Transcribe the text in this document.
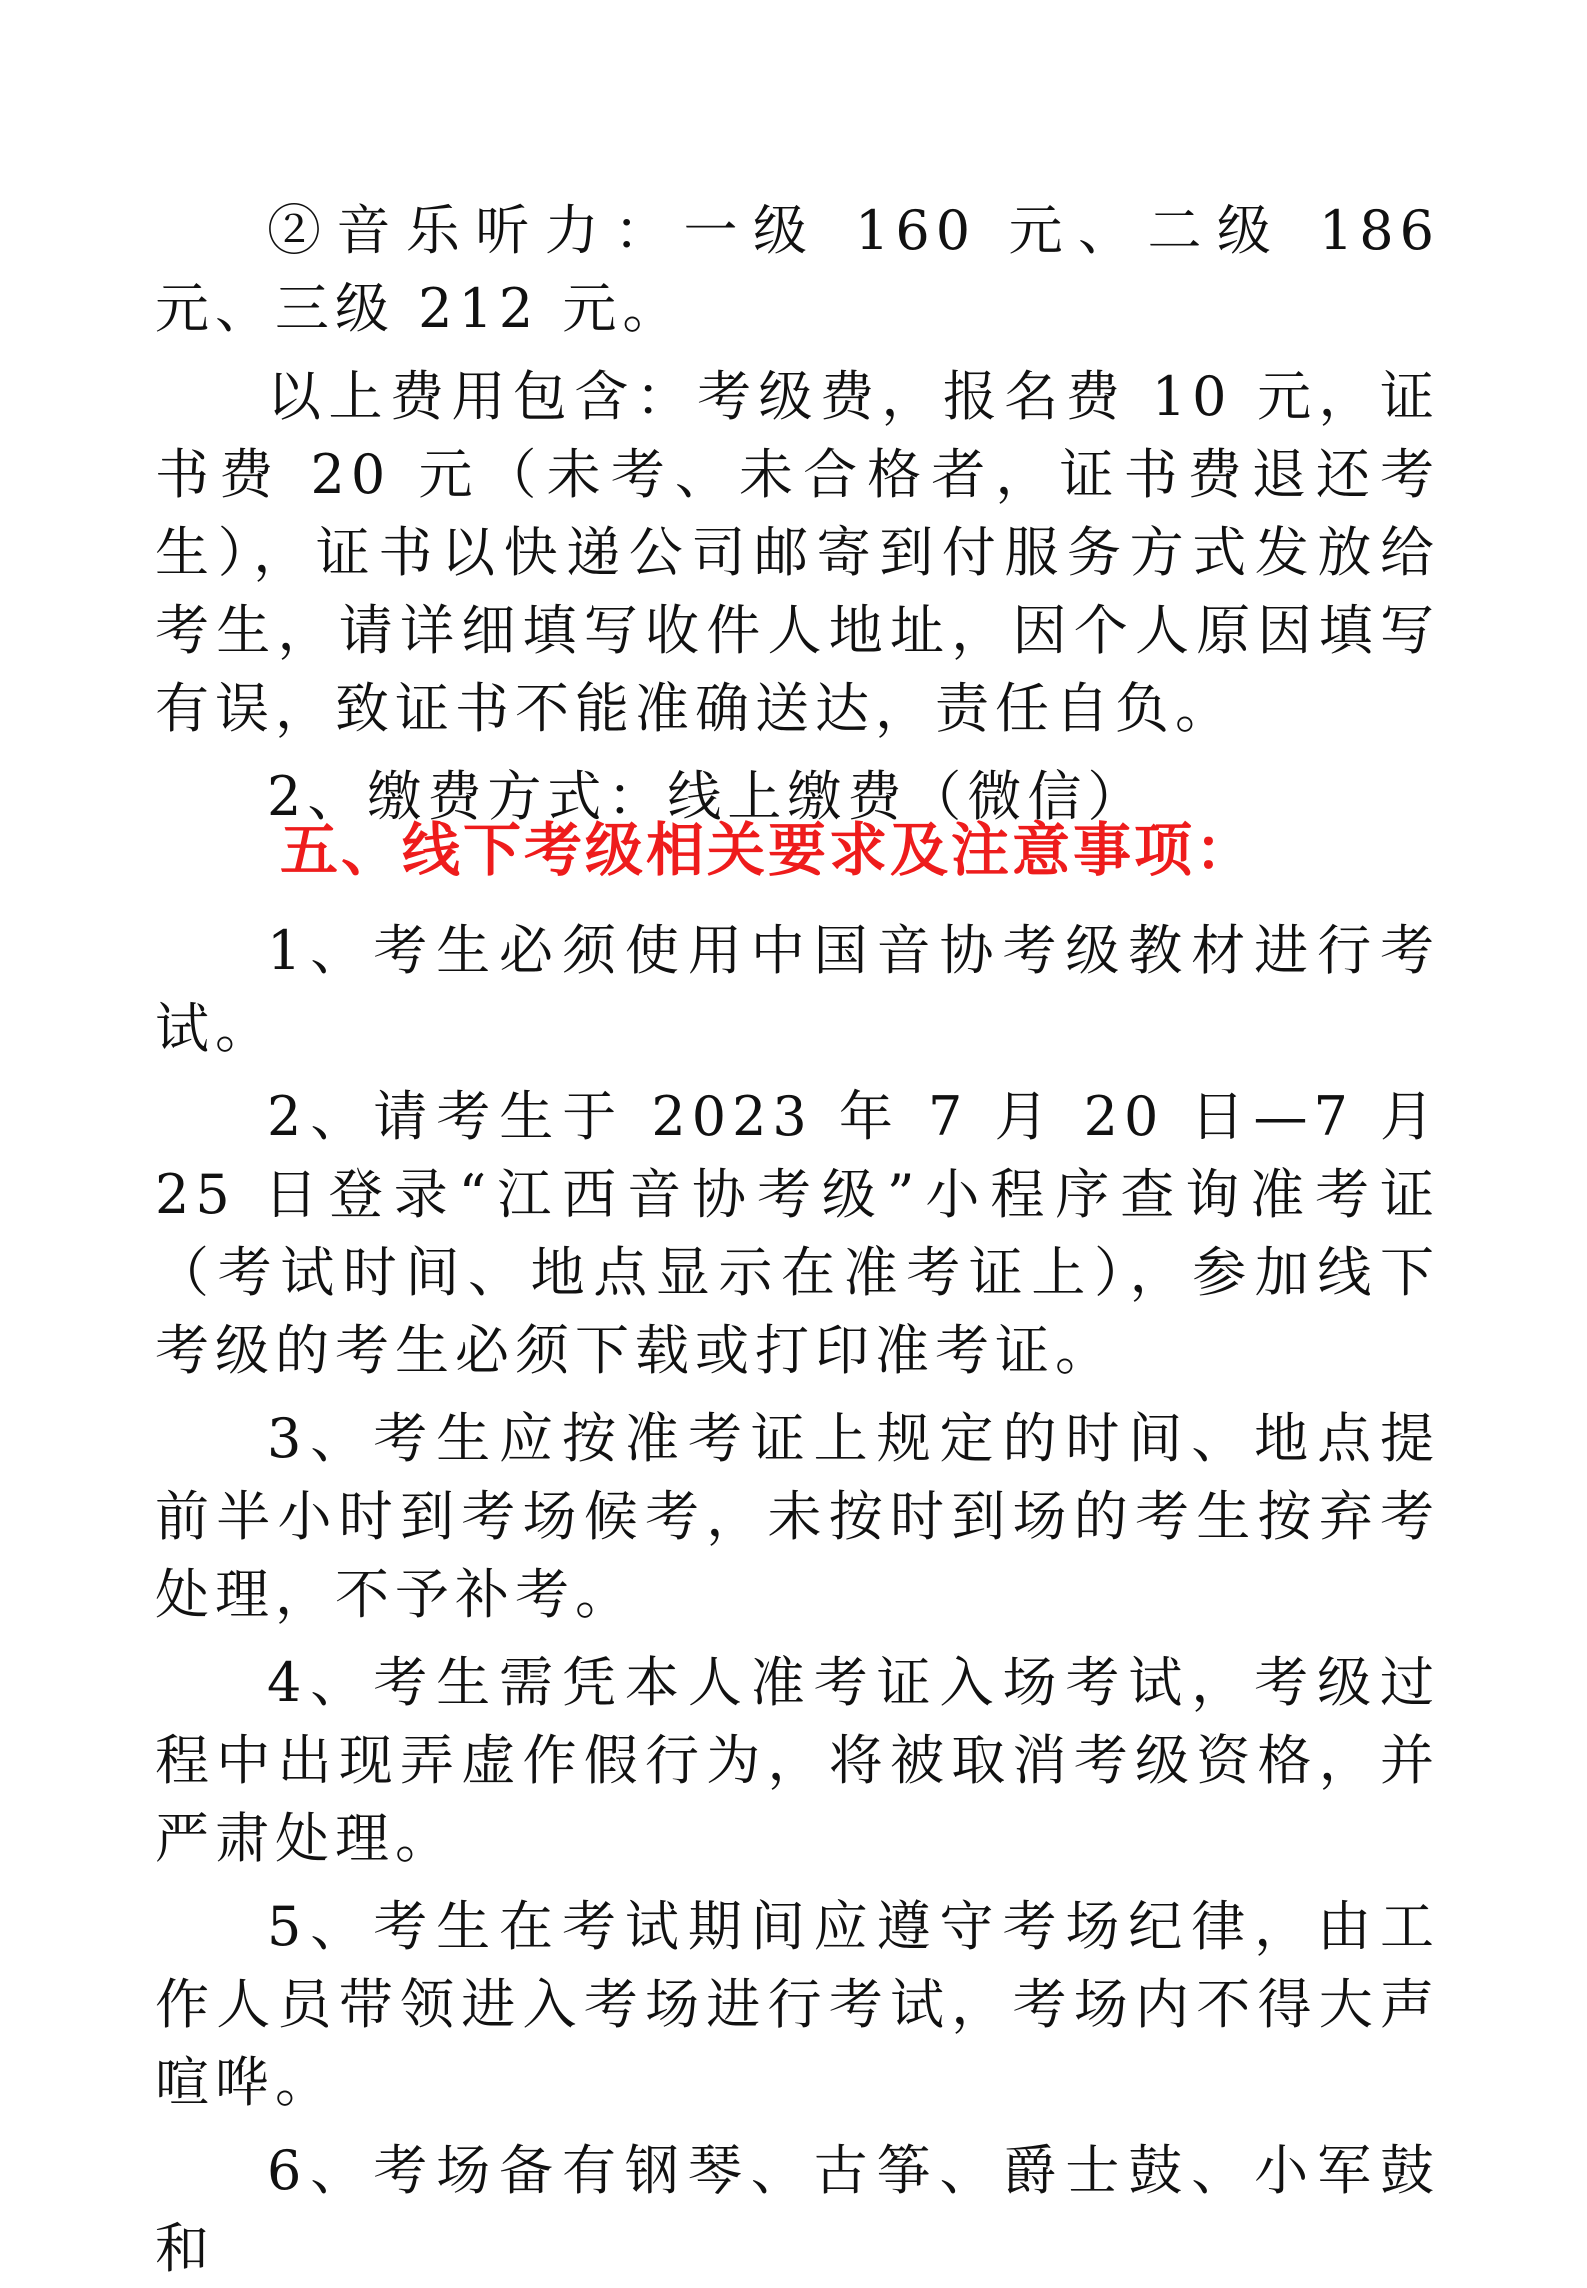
②音乐听力：一级 160 元、二级 186 元、三级 212 元。

以上费用包含：考级费，报名费 10 元，证书费 20 元（未考、未合格者，证书费退还考生），证书以快递公司邮寄到付服务方式发放给考生，请详细填写收件人地址，因个人原因填写有误，致证书不能准确送达，责任自负。

2、缴费方式：线上缴费（微信）

五、线下考级相关要求及注意事项：

1、考生必须使用中国音协考级教材进行考试。

2、请考生于 2023 年 7 月 20 日—7 月 25 日登录“江西音协考级”小程序查询准考证（考试时间、地点显示在准考证上），参加线下考级的考生必须下载或打印准考证。

3、考生应按准考证上规定的时间、地点提前半小时到考场候考，未按时到场的考生按弃考处理，不予补考。

4、考生需凭本人准考证入场考试，考级过程中出现弄虚作假行为，将被取消考级资格，并严肃处理。

5、考生在考试期间应遵守考场纪律，由工作人员带领进入考场进行考试，考场内不得大声喧哗。

6、考场备有钢琴、古筝、爵士鼓、小军鼓和
